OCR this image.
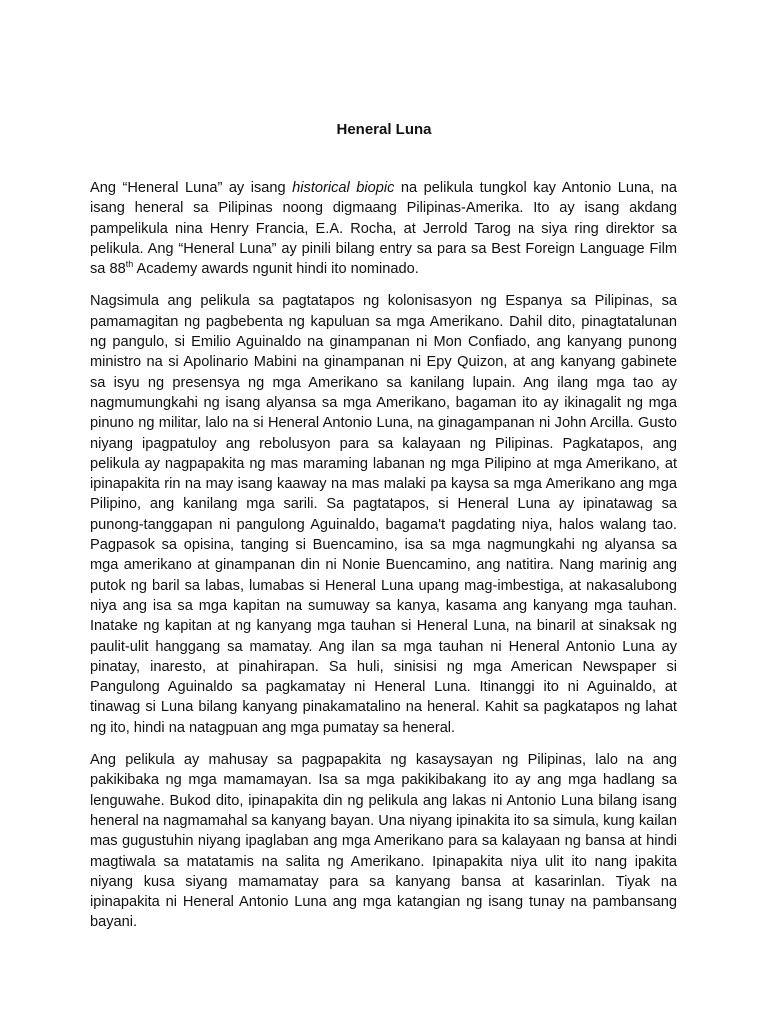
Heneral Luna

Ang “Heneral Luna” ay isang historical biopic na pelikula tungkol kay Antonio Luna, na isang heneral sa Pilipinas noong digmaang Pilipinas-Amerika. Ito ay isang akdang pampelikula nina Henry Francia, E.A. Rocha, at Jerrold Tarog na siya ring direktor sa pelikula. Ang “Heneral Luna” ay pinili bilang entry sa para sa Best Foreign Language Film sa 88th Academy awards ngunit hindi ito nominado.

Nagsimula ang pelikula sa pagtatapos ng kolonisasyon ng Espanya sa Pilipinas, sa pamamagitan ng pagbebenta ng kapuluan sa mga Amerikano. Dahil dito, pinagtatalunan ng pangulo, si Emilio Aguinaldo na ginampanan ni Mon Confiado, ang kanyang punong ministro na si Apolinario Mabini na ginampanan ni Epy Quizon, at ang kanyang gabinete sa isyu ng presensya ng mga Amerikano sa kanilang lupain. Ang ilang mga tao ay nagmumungkahi ng isang alyansa sa mga Amerikano, bagaman ito ay ikinagalit ng mga pinuno ng militar, lalo na si Heneral Antonio Luna, na ginagampanan ni John Arcilla. Gusto niyang ipagpatuloy ang rebolusyon para sa kalayaan ng Pilipinas. Pagkatapos, ang pelikula ay nagpapakita ng mas maraming labanan ng mga Pilipino at mga Amerikano, at ipinapakita rin na may isang kaaway na mas malaki pa kaysa sa mga Amerikano ang mga Pilipino, ang kanilang mga sarili. Sa pagtatapos, si Heneral Luna ay ipinatawag sa punong-tanggapan ni pangulong Aguinaldo, bagama't pagdating niya, halos walang tao. Pagpasok sa opisina, tanging si Buencamino, isa sa mga nagmungkahi ng alyansa sa mga amerikano at ginampanan din ni Nonie Buencamino, ang natitira. Nang marinig ang putok ng baril sa labas, lumabas si Heneral Luna upang mag-imbestiga, at nakasalubong niya ang isa sa mga kapitan na sumuway sa kanya, kasama ang kanyang mga tauhan. Inatake ng kapitan at ng kanyang mga tauhan si Heneral Luna, na binaril at sinaksak ng paulit-ulit hanggang sa mamatay. Ang ilan sa mga tauhan ni Heneral Antonio Luna ay pinatay, inaresto, at pinahirapan. Sa huli, sinisisi ng mga American Newspaper si Pangulong Aguinaldo sa pagkamatay ni Heneral Luna. Itinanggi ito ni Aguinaldo, at tinawag si Luna bilang kanyang pinakamatalino na heneral. Kahit sa pagkatapos ng lahat ng ito, hindi na natagpuan ang mga pumatay sa heneral.

Ang pelikula ay mahusay sa pagpapakita ng kasaysayan ng Pilipinas, lalo na ang pakikibaka ng mga mamamayan. Isa sa mga pakikibakang ito ay ang mga hadlang sa lenguwahe. Bukod dito, ipinapakita din ng pelikula ang lakas ni Antonio Luna bilang isang heneral na nagmamahal sa kanyang bayan. Una niyang ipinakita ito sa simula, kung kailan mas gugustuhin niyang ipaglaban ang mga Amerikano para sa kalayaan ng bansa at hindi magtiwala sa matatamis na salita ng Amerikano. Ipinapakita niya ulit ito nang ipakita niyang kusa siyang mamamatay para sa kanyang bansa at kasarinlan. Tiyak na ipinapakita ni Heneral Antonio Luna ang mga katangian ng isang tunay na pambansang bayani.
